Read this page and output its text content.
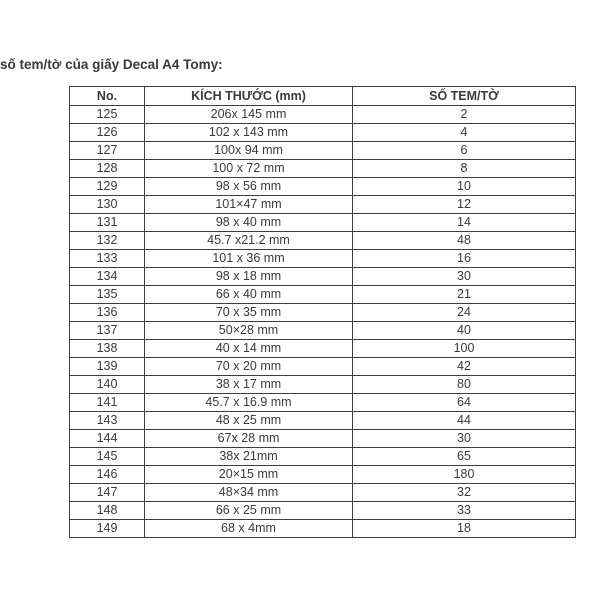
số tem/tờ của giấy Decal A4 Tomy:
No.	KÍCH THƯỚC (mm)	SỐ TEM/TỜ
125	206x 145 mm	2
126	102 x 143 mm	4
127	100x 94 mm	6
128	100 x 72 mm	8
129	98 x 56 mm	10
130	101×47 mm	12
131	98 x 40 mm	14
132	45.7 x21.2 mm	48
133	101 x 36 mm	16
134	98 x 18 mm	30
135	66 x 40 mm	21
136	70 x 35 mm	24
137	50×28 mm	40
138	40 x 14 mm	100
139	70 x 20 mm	42
140	38 x 17 mm	80
141	45.7 x 16.9 mm	64
143	48 x 25 mm	44
144	67x 28 mm	30
145	38x 21mm	65
146	20×15 mm	180
147	48×34 mm	32
148	66 x 25 mm	33
149	68 x 4mm	18
